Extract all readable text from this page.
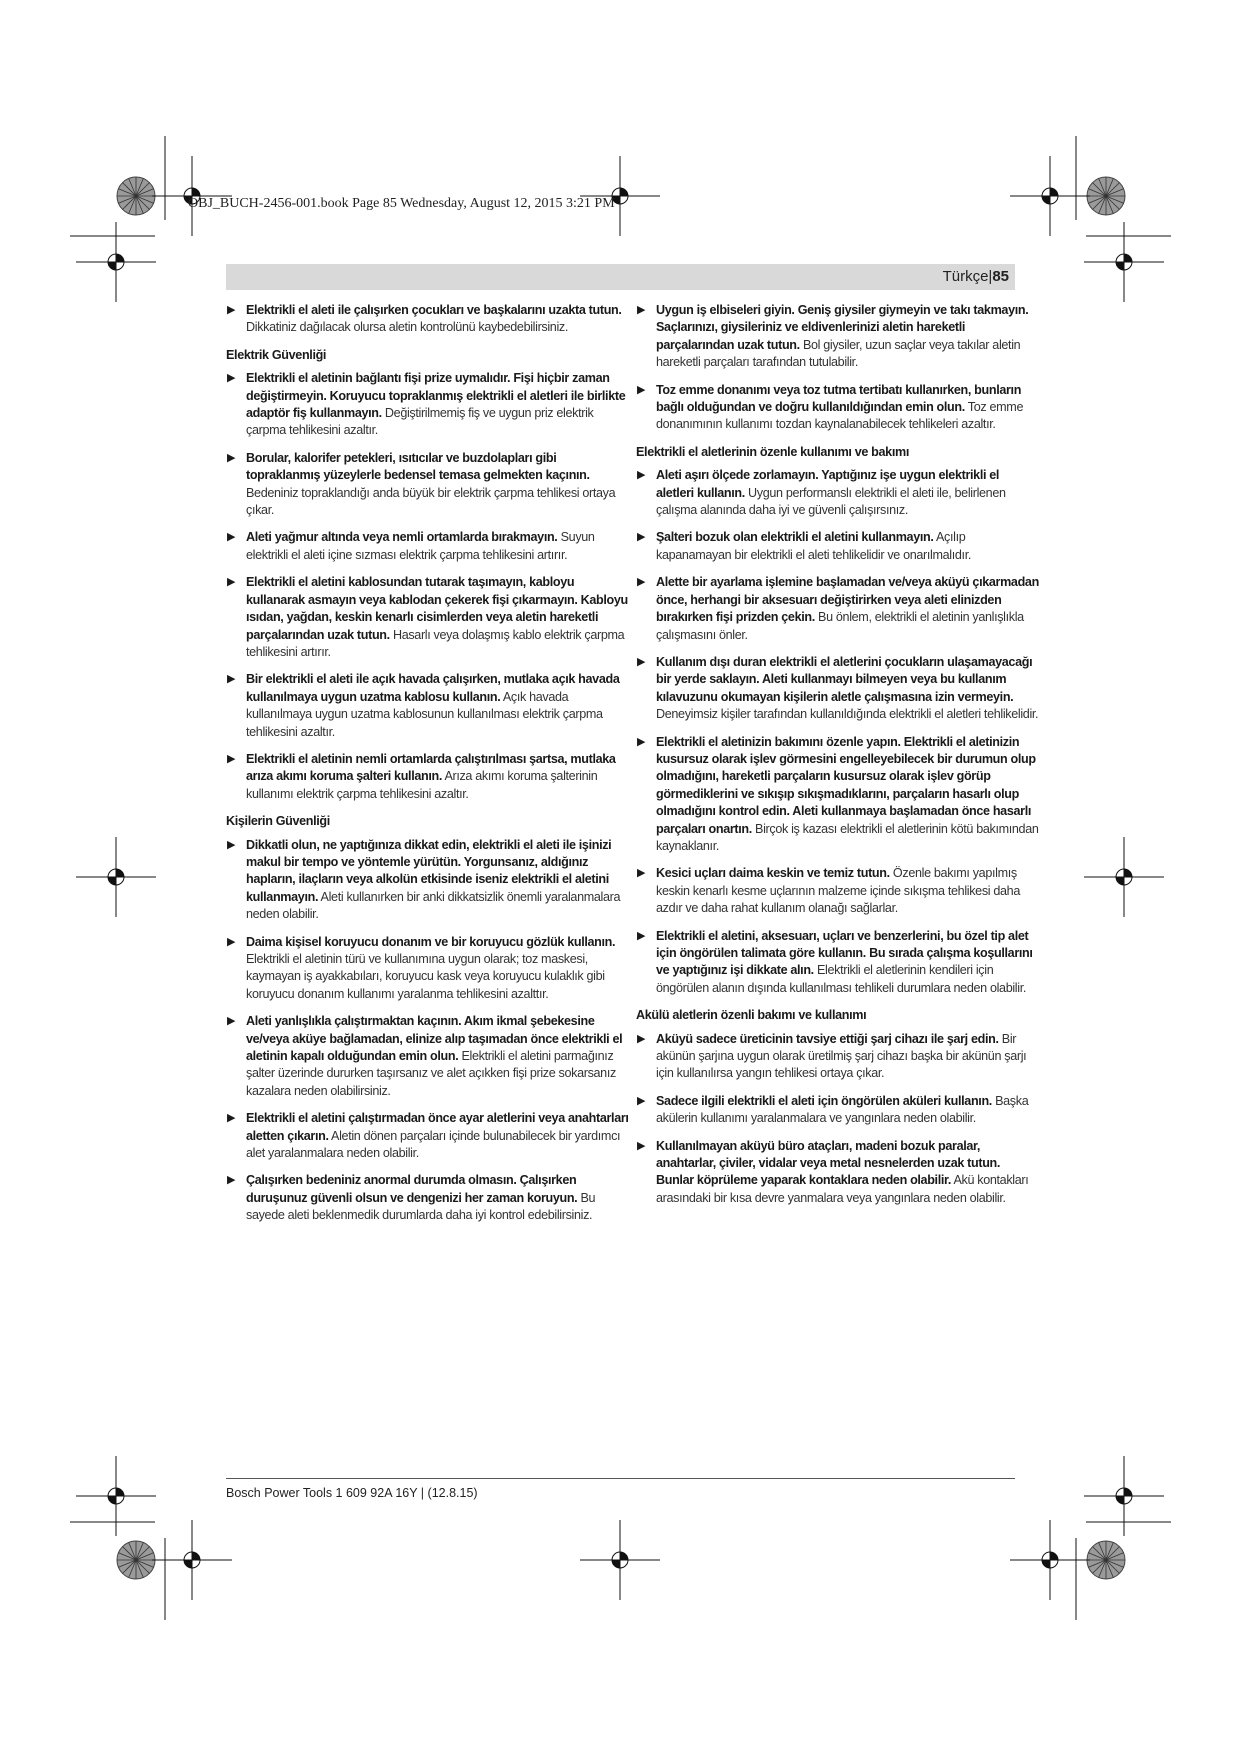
OBJ_BUCH-2456-001.book Page 85 Wednesday, August 12, 2015 3:21 PM
Türkçe|85
▶ Elektrikli el aleti ile çalışırken çocukları ve başkalarını uzakta tutun. Dikkatiniz dağılacak olursa aletin kontrolünü kaybedebilirsiniz.
Elektrik Güvenliği
▶ Elektrikli el aletinin bağlantı fişi prize uymalıdır. Fişi hiçbir zaman değiştirmeyin. Koruyucu topraklanmış elektrikli el aletleri ile birlikte adaptör fiş kullanmayın. Değiştirilmemiş fiş ve uygun priz elektrik çarpma tehlikesini azaltır.
▶ Borular, kalorifer petekleri, ısıtıcılar ve buzdolapları gibi topraklanmış yüzeylerle bedensel temasa gelmekten kaçının. Bedeniniz topraklandığı anda büyük bir elektrik çarpma tehlikesi ortaya çıkar.
▶ Aleti yağmur altında veya nemli ortamlarda bırakmayın. Suyun elektrikli el aleti içine sızması elektrik çarpma tehlikesini artırır.
▶ Elektrikli el aletini kablosundan tutarak taşımayın, kabloyu kullanarak asmayın veya kablodan çekerek fişi çıkarmayın. Kabloyu ısıdan, yağdan, keskin kenarlı cisimlerden veya aletin hareketli parçalarından uzak tutun. Hasarlı veya dolaşmış kablo elektrik çarpma tehlikesini artırır.
▶ Bir elektrikli el aleti ile açık havada çalışırken, mutlaka açık havada kullanılmaya uygun uzatma kablosu kullanın. Açık havada kullanılmaya uygun uzatma kablosunun kullanılması elektrik çarpma tehlikesini azaltır.
▶ Elektrikli el aletinin nemli ortamlarda çalıştırılması şartsa, mutlaka arıza akımı koruma şalteri kullanın. Arıza akımı koruma şalterinin kullanımı elektrik çarpma tehlikesini azaltır.
Kişilerin Güvenliği
▶ Dikkatli olun, ne yaptığınıza dikkat edin, elektrikli el aleti ile işinizi makul bir tempo ve yöntemle yürütün. Yorgunsanız, aldığınız hapların, ilaçların veya alkolün etkisinde iseniz elektrikli el aletini kullanmayın. Aleti kullanırken bir anki dikkatsizlik önemli yaralanmalara neden olabilir.
▶ Daima kişisel koruyucu donanım ve bir koruyucu gözlük kullanın. Elektrikli el aletinin türü ve kullanımına uygun olarak; toz maskesi, kaymayan iş ayakkabıları, koruyucu kask veya koruyucu kulaklık gibi koruyucu donanım kullanımı yaralanma tehlikesini azalttır.
▶ Aleti yanlışlıkla çalıştırmaktan kaçının. Akım ikmal şebekesine ve/veya aküye bağlamadan, elinize alıp taşımadan önce elektrikli el aletinin kapalı olduğundan emin olun. Elektrikli el aletini parmağınız şalter üzerinde dururken taşırsanız ve alet açıkken fişi prize sokarsanız kazalara neden olabilirsiniz.
▶ Elektrikli el aletini çalıştırmadan önce ayar aletlerini veya anahtarları aletten çıkarın. Aletin dönen parçaları içinde bulunabilecek bir yardımcı alet yaralanmalara neden olabilir.
▶ Çalışırken bedeniniz anormal durumda olmasın. Çalışırken duruşunuz güvenli olsun ve dengenizi her zaman koruyun. Bu sayede aleti beklenmedik durumlarda daha iyi kontrol edebilirsiniz.
▶ Uygun iş elbiseleri giyin. Geniş giysiler giymeyin ve takı takmayın. Saçlarınızı, giysileriniz ve eldivenlerinizi aletin hareketli parçalarından uzak tutun. Bol giysiler, uzun saçlar veya takılar aletin hareketli parçaları tarafından tutulabilir.
▶ Toz emme donanımı veya toz tutma tertibatı kullanırken, bunların bağlı olduğundan ve doğru kullanıldığından emin olun. Toz emme donanımının kullanımı tozdan kaynalanabilecek tehlikeleri azaltır.
Elektrikli el aletlerinin özenle kullanımı ve bakımı
▶ Aleti aşırı ölçede zorlamayın. Yaptığınız işe uygun elektrikli el aletleri kullanın. Uygun performanslı elektrikli el aleti ile, belirlenen çalışma alanında daha iyi ve güvenli çalışırsınız.
▶ Şalteri bozuk olan elektrikli el aletini kullanmayın. Açılıp kapanamayan bir elektrikli el aleti tehlikelidir ve onarılmalıdır.
▶ Alette bir ayarlama işlemine başlamadan ve/veya aküyü çıkarmadan önce, herhangi bir aksesuarı değiştirirken veya aleti elinizden bırakırken fişi prizden çekin. Bu önlem, elektrikli el aletinin yanlışlıkla çalışmasını önler.
▶ Kullanım dışı duran elektrikli el aletlerini çocukların ulaşamayacağı bir yerde saklayın. Aleti kullanmayı bilmeyen veya bu kullanım kılavuzunu okumayan kişilerin aletle çalışmasına izin vermeyin. Deneyimsiz kişiler tarafından kullanıldığında elektrikli el aletleri tehlikelidir.
▶ Elektrikli el aletinizin bakımını özenle yapın. Elektrikli el aletinizin kusursuz olarak işlev görmesini engelleyebilecek bir durumun olup olmadığını, hareketli parçaların kusursuz olarak işlev görüp görmediklerini ve sıkışıp sıkışmadıklarını, parçaların hasarlı olup olmadığını kontrol edin. Aleti kullanmaya başlamadan önce hasarlı parçaları onartın. Birçok iş kazası elektrikli el aletlerinin kötü bakımından kaynaklanır.
▶ Kesici uçları daima keskin ve temiz tutun. Özenle bakımı yapılmış keskin kenarlı kesme uçlarının malzeme içinde sıkışma tehlikesi daha azdır ve daha rahat kullanım olanağı sağlarlar.
▶ Elektrikli el aletini, aksesuarı, uçları ve benzerlerini, bu özel tip alet için öngörülen talimata göre kullanın. Bu sırada çalışma koşullarını ve yaptığınız işi dikkate alın. Elektrikli el aletlerinin kendileri için öngörülen alanın dışında kullanılması tehlikeli durumlara neden olabilir.
Akülü aletlerin özenli bakımı ve kullanımı
▶ Aküyü sadece üreticinin tavsiye ettiği şarj cihazı ile şarj edin. Bir akünün şarjına uygun olarak üretilmiş şarj cihazı başka bir akünün şarjı için kullanılırsa yangın tehlikesi ortaya çıkar.
▶ Sadece ilgili elektrikli el aleti için öngörülen aküleri kullanın. Başka akülerin kullanımı yaralanmalara ve yangınlara neden olabilir.
▶ Kullanılmayan aküyü büro ataçları, madeni bozuk paralar, anahtarlar, çiviler, vidalar veya metal nesnelerden uzak tutun. Bunlar köprüleme yaparak kontaklara neden olabilir. Akü kontakları arasındaki bir kısa devre yanmalara veya yangınlara neden olabilir.
Bosch Power Tools 1 609 92A 16Y | (12.8.15)
